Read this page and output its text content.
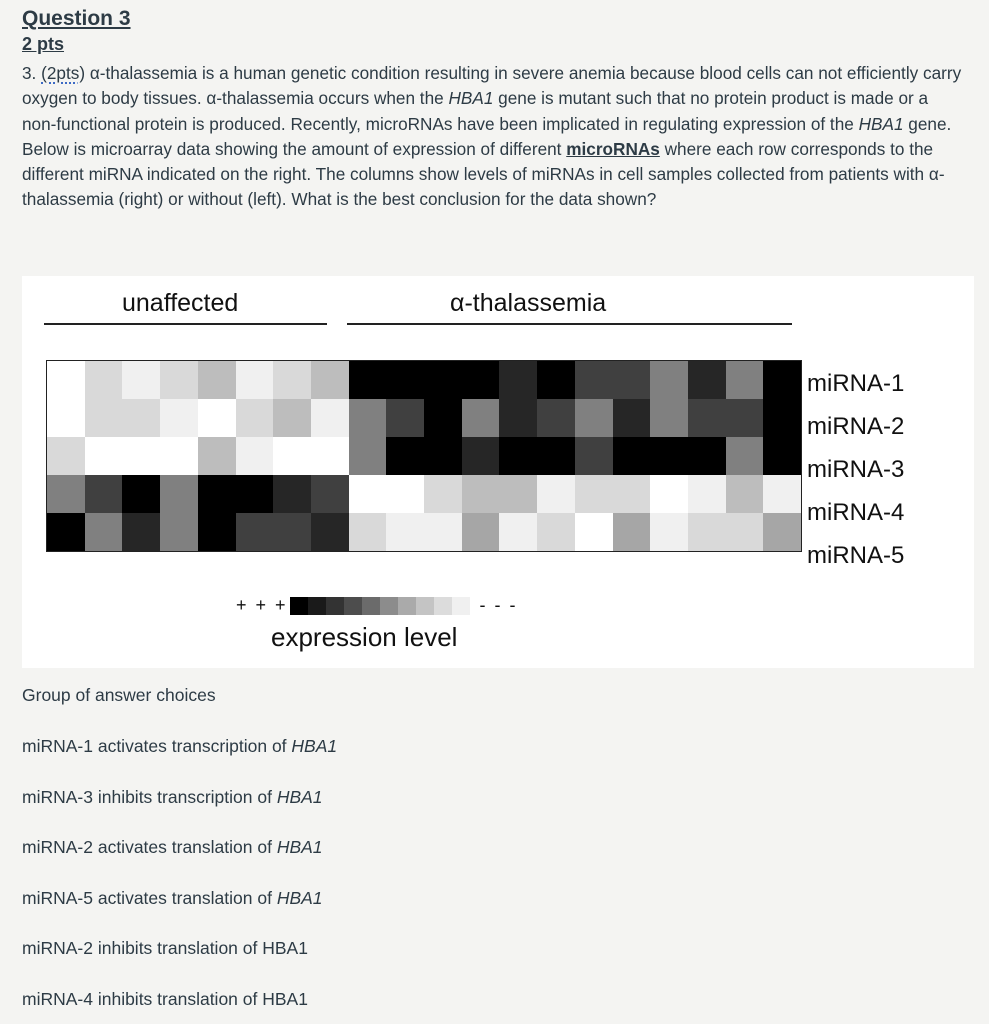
Question 3
2 pts
3. (2pts) α-thalassemia is a human genetic condition resulting in severe anemia because blood cells can not efficiently carry oxygen to body tissues. α-thalassemia occurs when the HBA1 gene is mutant such that no protein product is made or a non-functional protein is produced. Recently, microRNAs have been implicated in regulating expression of the HBA1 gene. Below is microarray data showing the amount of expression of different microRNAs where each row corresponds to the different miRNA indicated on the right. The columns show levels of miRNAs in cell samples collected from patients with α-thalassemia (right) or without (left). What is the best conclusion for the data shown?
unaffected	α-thalassemia
miRNA-1
miRNA-2
miRNA-3
miRNA-4
miRNA-5
+ + +	- - -
expression level
Group of answer choices
miRNA-1 activates transcription of HBA1
miRNA-3 inhibits transcription of HBA1
miRNA-2 activates translation of HBA1
miRNA-5 activates translation of HBA1
miRNA-2 inhibits translation of HBA1
miRNA-4 inhibits translation of HBA1
